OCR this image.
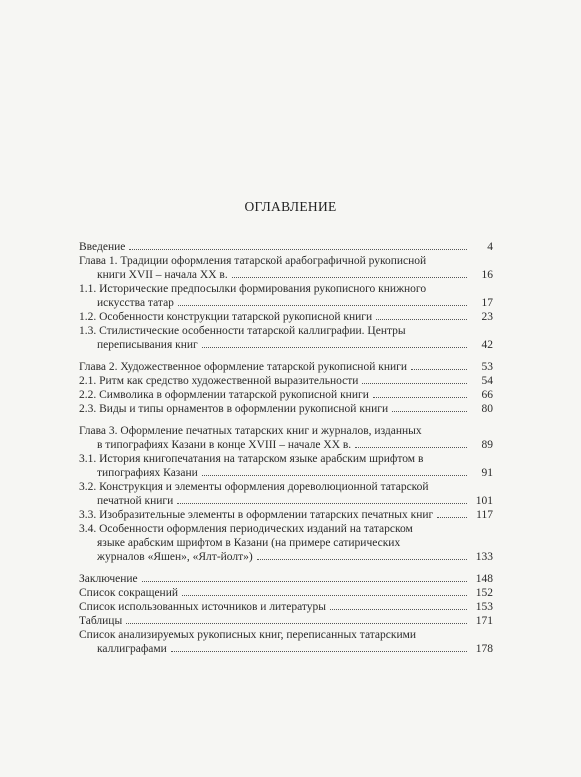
ОГЛАВЛЕНИЕ
Введение	4
Глава 1. Традиции оформления татарской арабографичной рукописной
книги XVII – начала XX в.	16
1.1. Исторические предпосылки формирования рукописного книжного
искусства татар	17
1.2. Особенности конструкции татарской рукописной книги	23
1.3. Стилистические особенности татарской каллиграфии. Центры
переписывания книг	42
Глава 2. Художественное оформление татарской рукописной книги	53
2.1. Ритм как средство художественной выразительности	54
2.2. Символика в оформлении татарской рукописной книги	66
2.3. Виды и типы орнаментов в оформлении рукописной книги	80
Глава 3. Оформление печатных татарских книг и журналов, изданных
в типографиях Казани в конце XVIII – начале XX в.	89
3.1. История книгопечатания на татарском языке арабским шрифтом в
типографиях Казани	91
3.2. Конструкция и элементы оформления дореволюционной татарской
печатной книги	101
3.3. Изобразительные элементы в оформлении татарских печатных книг	117
3.4. Особенности оформления периодических изданий на татарском
языке арабским шрифтом в Казани (на примере сатирических
журналов «Яшен», «Ялт-йолт»)	133
Заключение	148
Список сокращений	152
Список использованных источников и литературы	153
Таблицы	171
Список анализируемых рукописных книг, переписанных татарскими
каллиграфами	178
